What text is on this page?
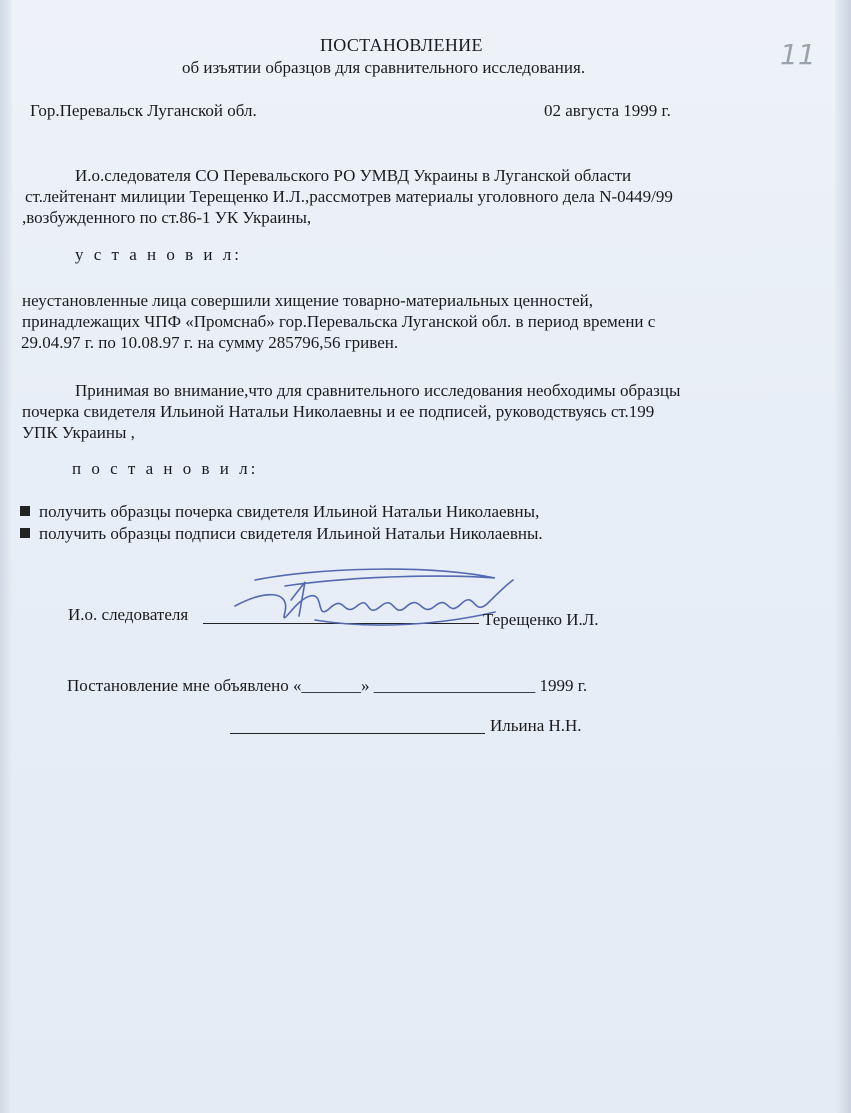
11
ПОСТАНОВЛЕНИЕ
об изъятии образцов для сравнительного исследования.
Гор.Перевальск Луганской обл.	02 августа 1999 г.
И.о.следователя СО Перевальского РО УМВД Украины в Луганской области
ст.лейтенант милиции Терещенко И.Л.,рассмотрев материалы уголовного дела N-0449/99
,возбужденного по ст.86-1 УК Украины,
у с т а н о в и л:
неустановленные лица совершили хищение товарно-материальных ценностей,
принадлежащих ЧПФ «Промснаб» гор.Перевальска Луганской обл. в период времени с
29.04.97 г. по 10.08.97 г. на сумму 285796,56 гривен.
Принимая во внимание,что для сравнительного исследования необходимы образцы
почерка свидетеля Ильиной Натальи Николаевны и ее подписей, руководствуясь ст.199
УПК Украины ,
п о с т а н о в и л:
получить образцы почерка свидетеля Ильиной Натальи Николаевны,
получить образцы подписи свидетеля Ильиной Натальи Николаевны.
И.о. следователя	Терещенко И.Л.
Постановление мне объявлено «_______» ___________________ 1999 г.
Ильина Н.Н.
